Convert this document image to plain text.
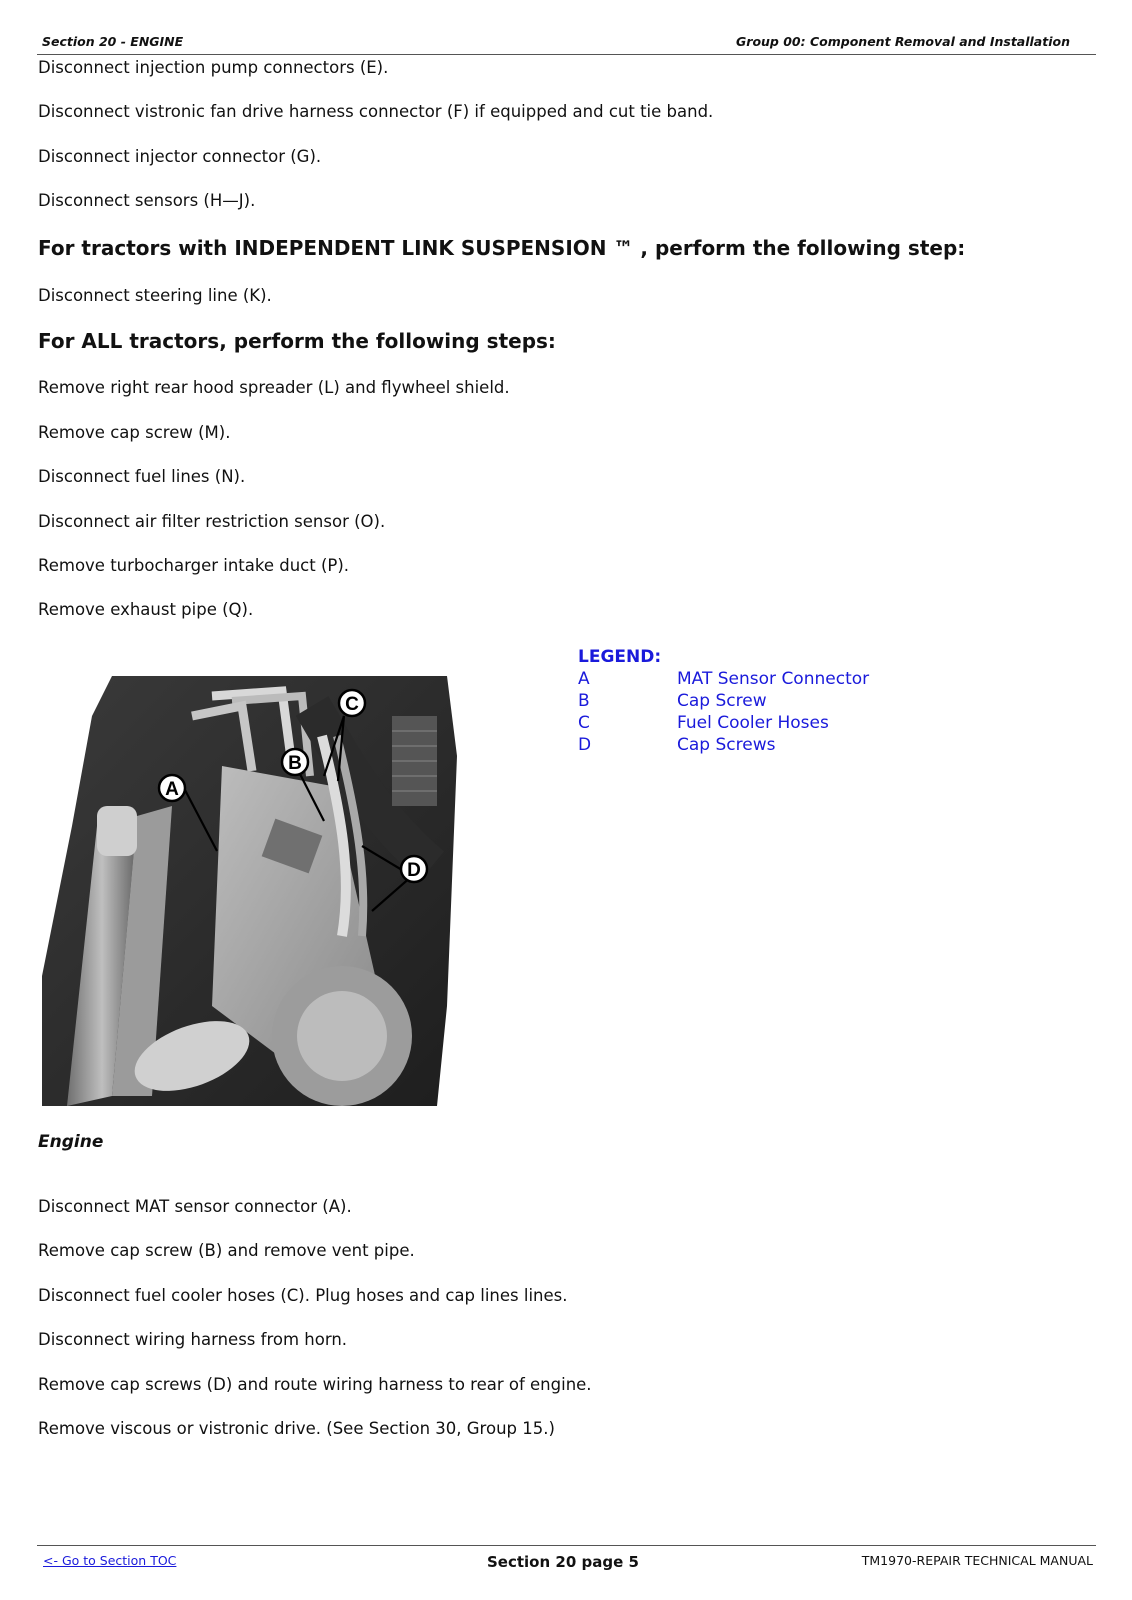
Section 20 - ENGINE	Group 00: Component Removal and Installation

Disconnect injection pump connectors (E).

Disconnect vistronic fan drive harness connector (F) if equipped and cut tie band.

Disconnect injector connector (G).

Disconnect sensors (H—J).

For tractors with INDEPENDENT LINK SUSPENSION ™ , perform the following step:

Disconnect steering line (K).

For ALL tractors, perform the following steps:

Remove right rear hood spreader (L) and flywheel shield.

Remove cap screw (M).

Disconnect fuel lines (N).

Disconnect air filter restriction sensor (O).

Remove turbocharger intake duct (P).

Remove exhaust pipe (Q).

LEGEND:
A	MAT Sensor Connector
B	Cap Screw
C	Fuel Cooler Hoses
D	Cap Screws
A
B
C
D
Engine

Disconnect MAT sensor connector (A).

Remove cap screw (B) and remove vent pipe.

Disconnect fuel cooler hoses (C). Plug hoses and cap lines lines.

Disconnect wiring harness from horn.

Remove cap screws (D) and route wiring harness to rear of engine.

Remove viscous or vistronic drive. (See Section 30, Group 15.)

<- Go to Section TOC	Section 20 page 5	TM1970-REPAIR TECHNICAL MANUAL
